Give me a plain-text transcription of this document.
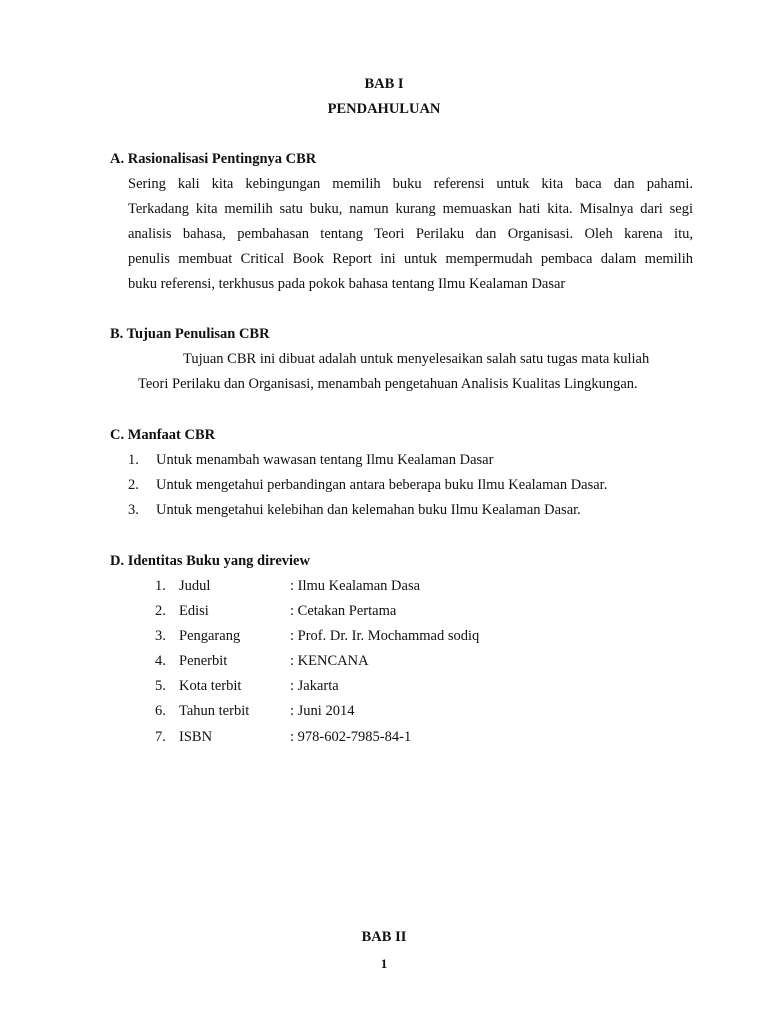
BAB I
PENDAHULUAN
A. Rasionalisasi Pentingnya CBR
Sering kali kita kebingungan memilih buku referensi untuk kita baca dan pahami.
Terkadang kita memilih satu buku, namun kurang memuaskan hati kita. Misalnya dari segi
analisis bahasa, pembahasan tentang Teori Perilaku dan Organisasi. Oleh karena itu,
penulis membuat Critical Book Report ini untuk mempermudah pembaca dalam memilih
buku referensi, terkhusus pada pokok bahasa tentang Ilmu Kealaman Dasar
B. Tujuan Penulisan CBR
Tujuan CBR ini dibuat adalah untuk menyelesaikan salah satu tugas mata kuliah
Teori Perilaku dan Organisasi, menambah pengetahuan Analisis Kualitas Lingkungan.
C. Manfaat CBR
1. Untuk menambah wawasan tentang Ilmu Kealaman Dasar
2. Untuk mengetahui perbandingan antara beberapa buku Ilmu Kealaman Dasar.
3. Untuk mengetahui kelebihan dan kelemahan buku Ilmu Kealaman Dasar.
D. Identitas Buku yang direview
1. Judul	: Ilmu Kealaman Dasa
2. Edisi	: Cetakan Pertama
3. Pengarang	: Prof. Dr. Ir. Mochammad sodiq
4. Penerbit	: KENCANA
5. Kota terbit	: Jakarta
6. Tahun terbit	: Juni 2014
7. ISBN	: 978-602-7985-84-1
BAB II
1
